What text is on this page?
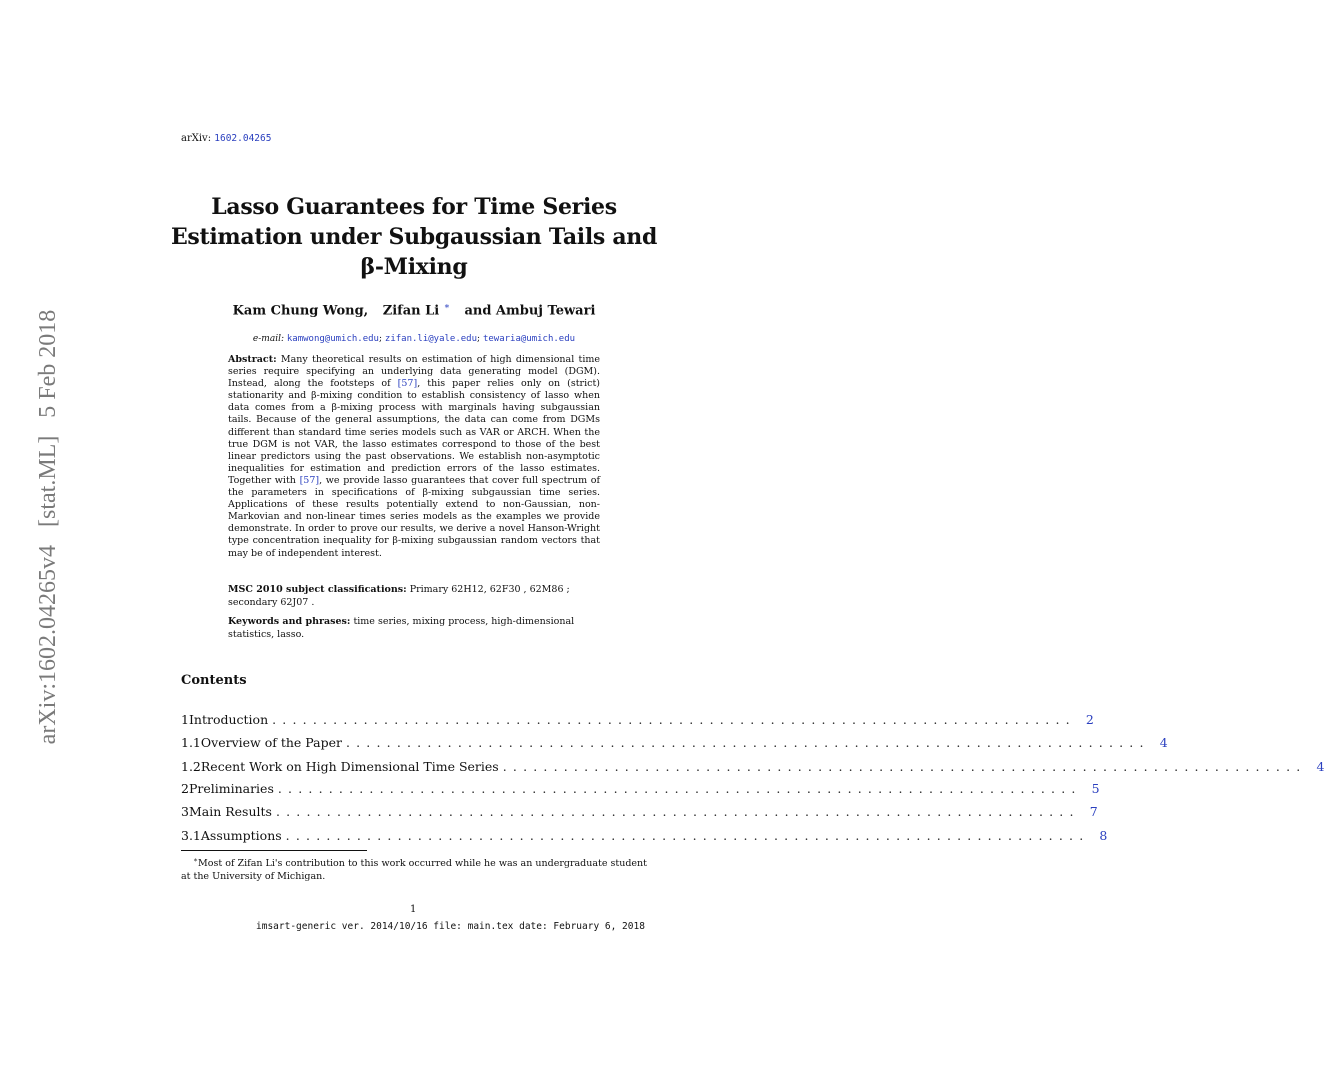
arXiv: 1602.04265
arXiv:1602.04265v4
[stat.ML]
5 Feb 2018
Lasso Guarantees for Time Series
Estimation under Subgaussian Tails and
β-Mixing
Kam Chung Wong, Zifan Li ∗ and Ambuj Tewari
e-mail: kamwong@umich.edu; zifan.li@yale.edu; tewaria@umich.edu

Abstract: Many theoretical results on estimation of high dimensional time series require specifying an underlying data generating model (DGM). Instead, along the footsteps of [57], this paper relies only on (strict) stationarity and β-mixing condition to establish consistency of lasso when data comes from a β-mixing process with marginals having subgaussian tails. Because of the general assumptions, the data can come from DGMs different than standard time series models such as VAR or ARCH. When the true DGM is not VAR, the lasso estimates correspond to those of the best linear predictors using the past observations. We establish non-asymptotic inequalities for estimation and prediction errors of the lasso estimates. Together with [57], we provide lasso guarantees that cover full spectrum of the parameters in specifications of β-mixing subgaussian time series. Applications of these results potentially extend to non-Gaussian, non-Markovian and non-linear times series models as the examples we provide demonstrate. In order to prove our results, we derive a novel Hanson-Wright type concentration inequality for β-mixing subgaussian random vectors that may be of independent interest.

MSC 2010 subject classifications: Primary 62H12, 62F30 , 62M86 ; secondary 62J07 .
Keywords and phrases: time series, mixing process, high-dimensional statistics, lasso.
Contents
1 Introduction ............................................................................... 2
1.1 Overview of the Paper ............................................................................... 4
1.2 Recent Work on High Dimensional Time Series ............................................................................... 4
2 Preliminaries ............................................................................... 5
3 Main Results ............................................................................... 7
3.1 Assumptions ............................................................................... 8
∗Most of Zifan Li's contribution to this work occurred while he was an undergraduate student at the University of Michigan.
1
imsart-generic ver. 2014/10/16 file: main.tex date: February 6, 2018
